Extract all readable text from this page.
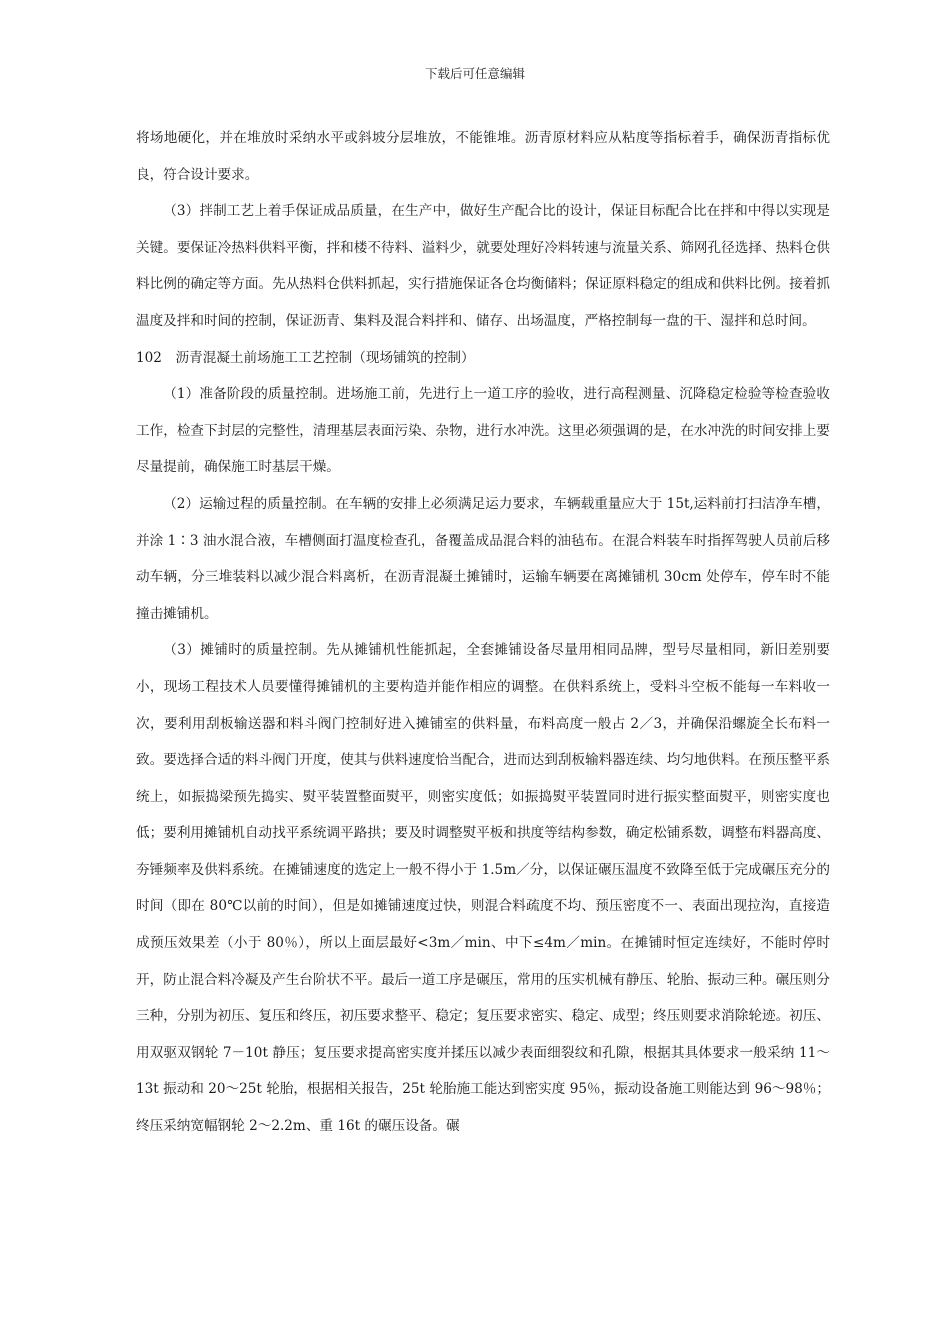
下载后可任意编辑

将场地硬化，并在堆放时采纳水平或斜坡分层堆放，不能锥堆。沥青原材料应从粘度等指标着手，确保沥青指标优良，符合设计要求。

（3）拌制工艺上着手保证成品质量，在生产中，做好生产配合比的设计，保证目标配合比在拌和中得以实现是关键。要保证冷热料供料平衡，拌和楼不待料、溢料少，就要处理好冷料转速与流量关系、筛网孔径选择、热料仓供料比例的确定等方面。先从热料仓供料抓起，实行措施保证各仓均衡储料；保证原料稳定的组成和供料比例。接着抓温度及拌和时间的控制，保证沥青、集料及混合料拌和、储存、出场温度，严格控制每一盘的干、湿拌和总时间。

102　沥青混凝土前场施工工艺控制（现场铺筑的控制）

（1）准备阶段的质量控制。进场施工前，先进行上一道工序的验收，进行高程测量、沉降稳定检验等检查验收工作，检查下封层的完整性，清理基层表面污染、杂物，进行水冲洗。这里必须强调的是，在水冲洗的时间安排上要尽量提前，确保施工时基层干燥。

（2）运输过程的质量控制。在车辆的安排上必须满足运力要求，车辆载重量应大于 15t,运料前打扫洁净车槽，并涂 1∶3 油水混合液，车槽侧面打温度检查孔，备覆盖成品混合料的油毡布。在混合料装车时指挥驾驶人员前后移动车辆，分三堆装料以减少混合料离析，在沥青混凝土摊铺时，运输车辆要在离摊铺机 30cm 处停车，停车时不能撞击摊铺机。

（3）摊铺时的质量控制。先从摊铺机性能抓起，全套摊铺设备尽量用相同品牌，型号尽量相同，新旧差别要小，现场工程技术人员要懂得摊铺机的主要构造并能作相应的调整。在供料系统上，受料斗空板不能每一车料收一次，要利用刮板输送器和料斗阀门控制好进入摊铺室的供料量，布料高度一般占 2／3，并确保沿螺旋全长布料一致。要选择合适的料斗阀门开度，使其与供料速度恰当配合，进而达到刮板输料器连续、均匀地供料。在预压整平系统上，如振捣梁预先捣实、熨平装置整面熨平，则密实度低；如振捣熨平装置同时进行振实整面熨平，则密实度也低；要利用摊铺机自动找平系统调平路拱；要及时调整熨平板和拱度等结构参数，确定松铺系数，调整布料器高度、夯锤频率及供料系统。在摊铺速度的选定上一般不得小于 1.5m／分，以保证碾压温度不致降至低于完成碾压充分的时间（即在 80℃以前的时间），但是如摊铺速度过快，则混合料疏度不均、预压密度不一、表面出现拉沟，直接造成预压效果差（小于 80％），所以上面层最好<3m／min、中下≤4m／min。在摊铺时恒定连续好，不能时停时开，防止混合料冷凝及产生台阶状不平。最后一道工序是碾压，常用的压实机械有静压、轮胎、振动三种。碾压则分三种，分别为初压、复压和终压，初压要求整平、稳定；复压要求密实、稳定、成型；终压则要求消除轮迹。初压、用双驱双钢轮 7－10t 静压；复压要求提高密实度并揉压以减少表面细裂纹和孔隙，根据其具体要求一般采纳 11～13t 振动和 20～25t 轮胎，根据相关报告，25t 轮胎施工能达到密实度 95％，振动设备施工则能达到 96～98％；终压采纳宽幅钢轮 2～2.2m、重 16t 的碾压设备。碾
